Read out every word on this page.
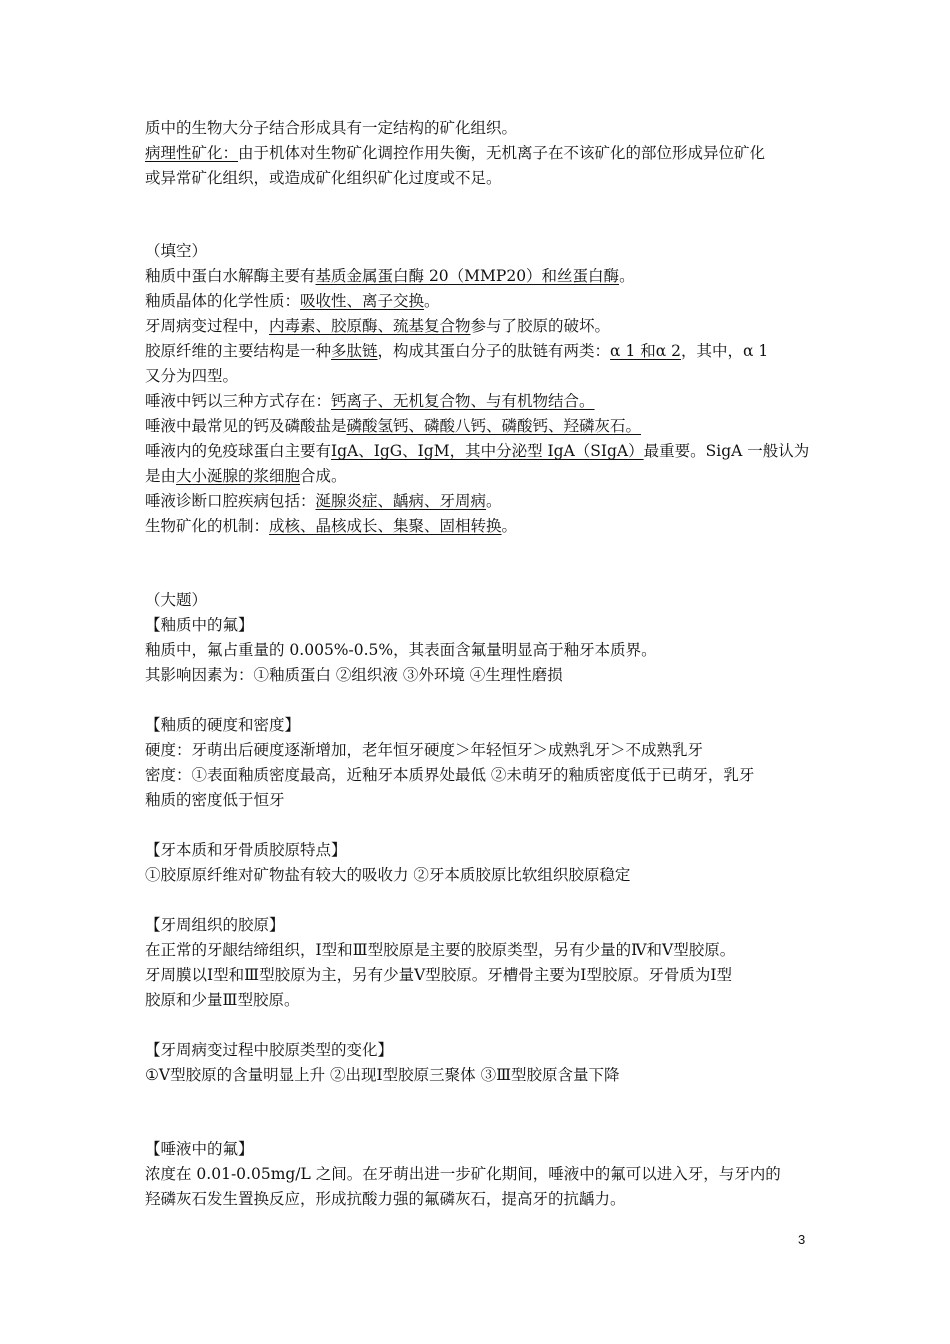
质中的生物大分子结合形成具有一定结构的矿化组织。
病理性矿化：由于机体对生物矿化调控作用失衡，无机离子在不该矿化的部位形成异位矿化
或异常矿化组织，或造成矿化组织矿化过度或不足。
（填空）
釉质中蛋白水解酶主要有基质金属蛋白酶 20（MMP20）和丝蛋白酶。
釉质晶体的化学性质：吸收性、离子交换。
牙周病变过程中，内毒素、胶原酶、巯基复合物参与了胶原的破坏。
胶原纤维的主要结构是一种多肽链，构成其蛋白分子的肽链有两类：α 1 和α 2，其中，α 1
又分为四型。
唾液中钙以三种方式存在：钙离子、无机复合物、与有机物结合。
唾液中最常见的钙及磷酸盐是磷酸氢钙、磷酸八钙、磷酸钙、羟磷灰石。
唾液内的免疫球蛋白主要有IgA、IgG、IgM，其中分泌型 IgA（SIgA）最重要。SigA 一般认为
是由大小涎腺的浆细胞合成。
唾液诊断口腔疾病包括：涎腺炎症、龋病、牙周病。
生物矿化的机制：成核、晶核成长、集聚、固相转换。
（大题）
【釉质中的氟】
釉质中，氟占重量的 0.005%-0.5%，其表面含氟量明显高于釉牙本质界。
其影响因素为：①釉质蛋白 ②组织液 ③外环境 ④生理性磨损
【釉质的硬度和密度】
硬度：牙萌出后硬度逐渐增加，老年恒牙硬度＞年轻恒牙＞成熟乳牙＞不成熟乳牙
密度：①表面釉质密度最高，近釉牙本质界处最低 ②未萌牙的釉质密度低于已萌牙，乳牙
釉质的密度低于恒牙
【牙本质和牙骨质胶原特点】
①胶原原纤维对矿物盐有较大的吸收力 ②牙本质胶原比软组织胶原稳定
【牙周组织的胶原】
在正常的牙龈结缔组织，Ⅰ型和Ⅲ型胶原是主要的胶原类型，另有少量的Ⅳ和Ⅴ型胶原。
牙周膜以Ⅰ型和Ⅲ型胶原为主，另有少量Ⅴ型胶原。牙槽骨主要为Ⅰ型胶原。牙骨质为Ⅰ型
胶原和少量Ⅲ型胶原。
【牙周病变过程中胶原类型的变化】
①Ⅴ型胶原的含量明显上升 ②出现Ⅰ型胶原三聚体 ③Ⅲ型胶原含量下降
【唾液中的氟】
浓度在 0.01-0.05mg/L 之间。在牙萌出进一步矿化期间，唾液中的氟可以进入牙，与牙内的
羟磷灰石发生置换反应，形成抗酸力强的氟磷灰石，提高牙的抗龋力。
3
